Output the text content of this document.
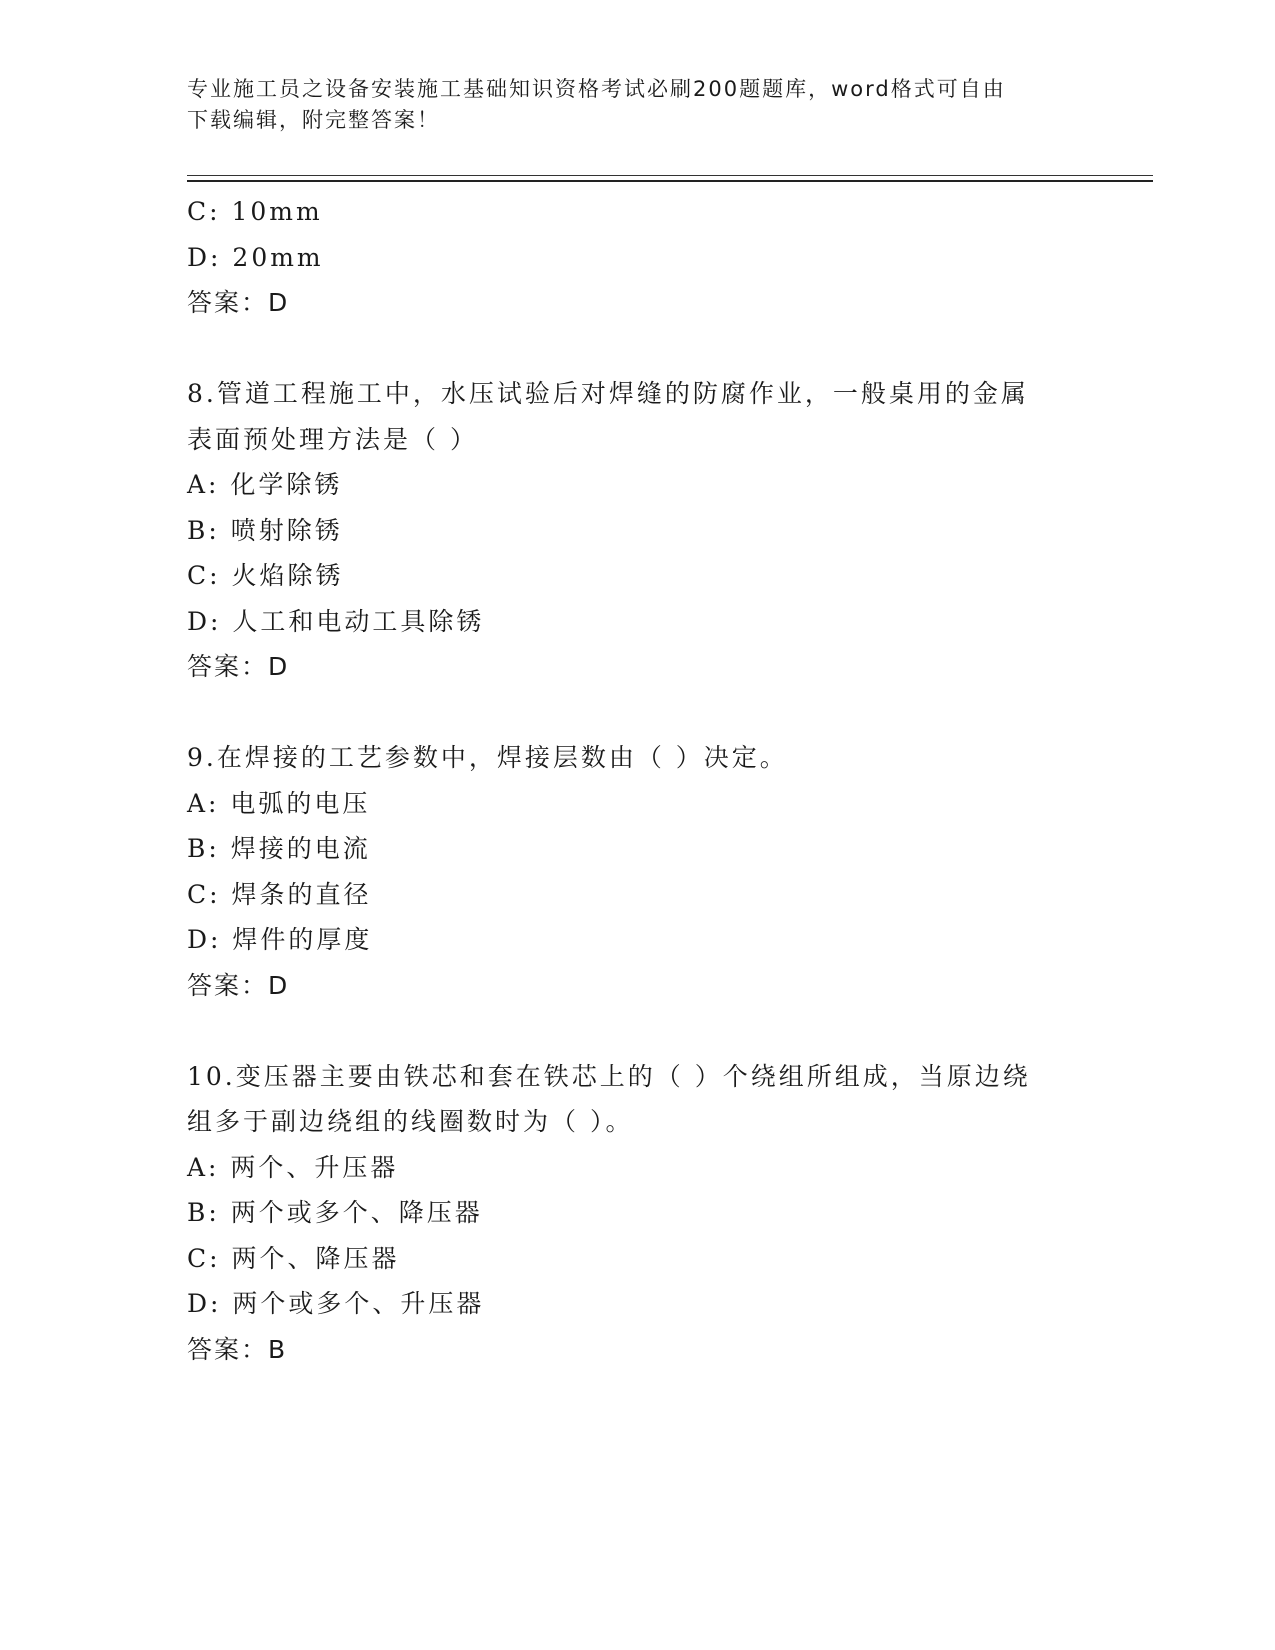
专业施工员之设备安装施工基础知识资格考试必刷200题题库，word格式可自由
下载编辑，附完整答案！
C: 10mm
D: 20mm
答案：D
8.管道工程施工中，水压试验后对焊缝的防腐作业，一般桌用的金属
表面预处理方法是（ ）
A: 化学除锈
B: 喷射除锈
C: 火焰除锈
D: 人工和电动工具除锈
答案：D
9.在焊接的工艺参数中，焊接层数由（ ）决定。
A: 电弧的电压
B: 焊接的电流
C: 焊条的直径
D: 焊件的厚度
答案：D
10.变压器主要由铁芯和套在铁芯上的（ ）个绕组所组成，当原边绕
组多于副边绕组的线圈数时为（ ）。
A: 两个、升压器
B: 两个或多个、降压器
C: 两个、降压器
D: 两个或多个、升压器
答案：B
